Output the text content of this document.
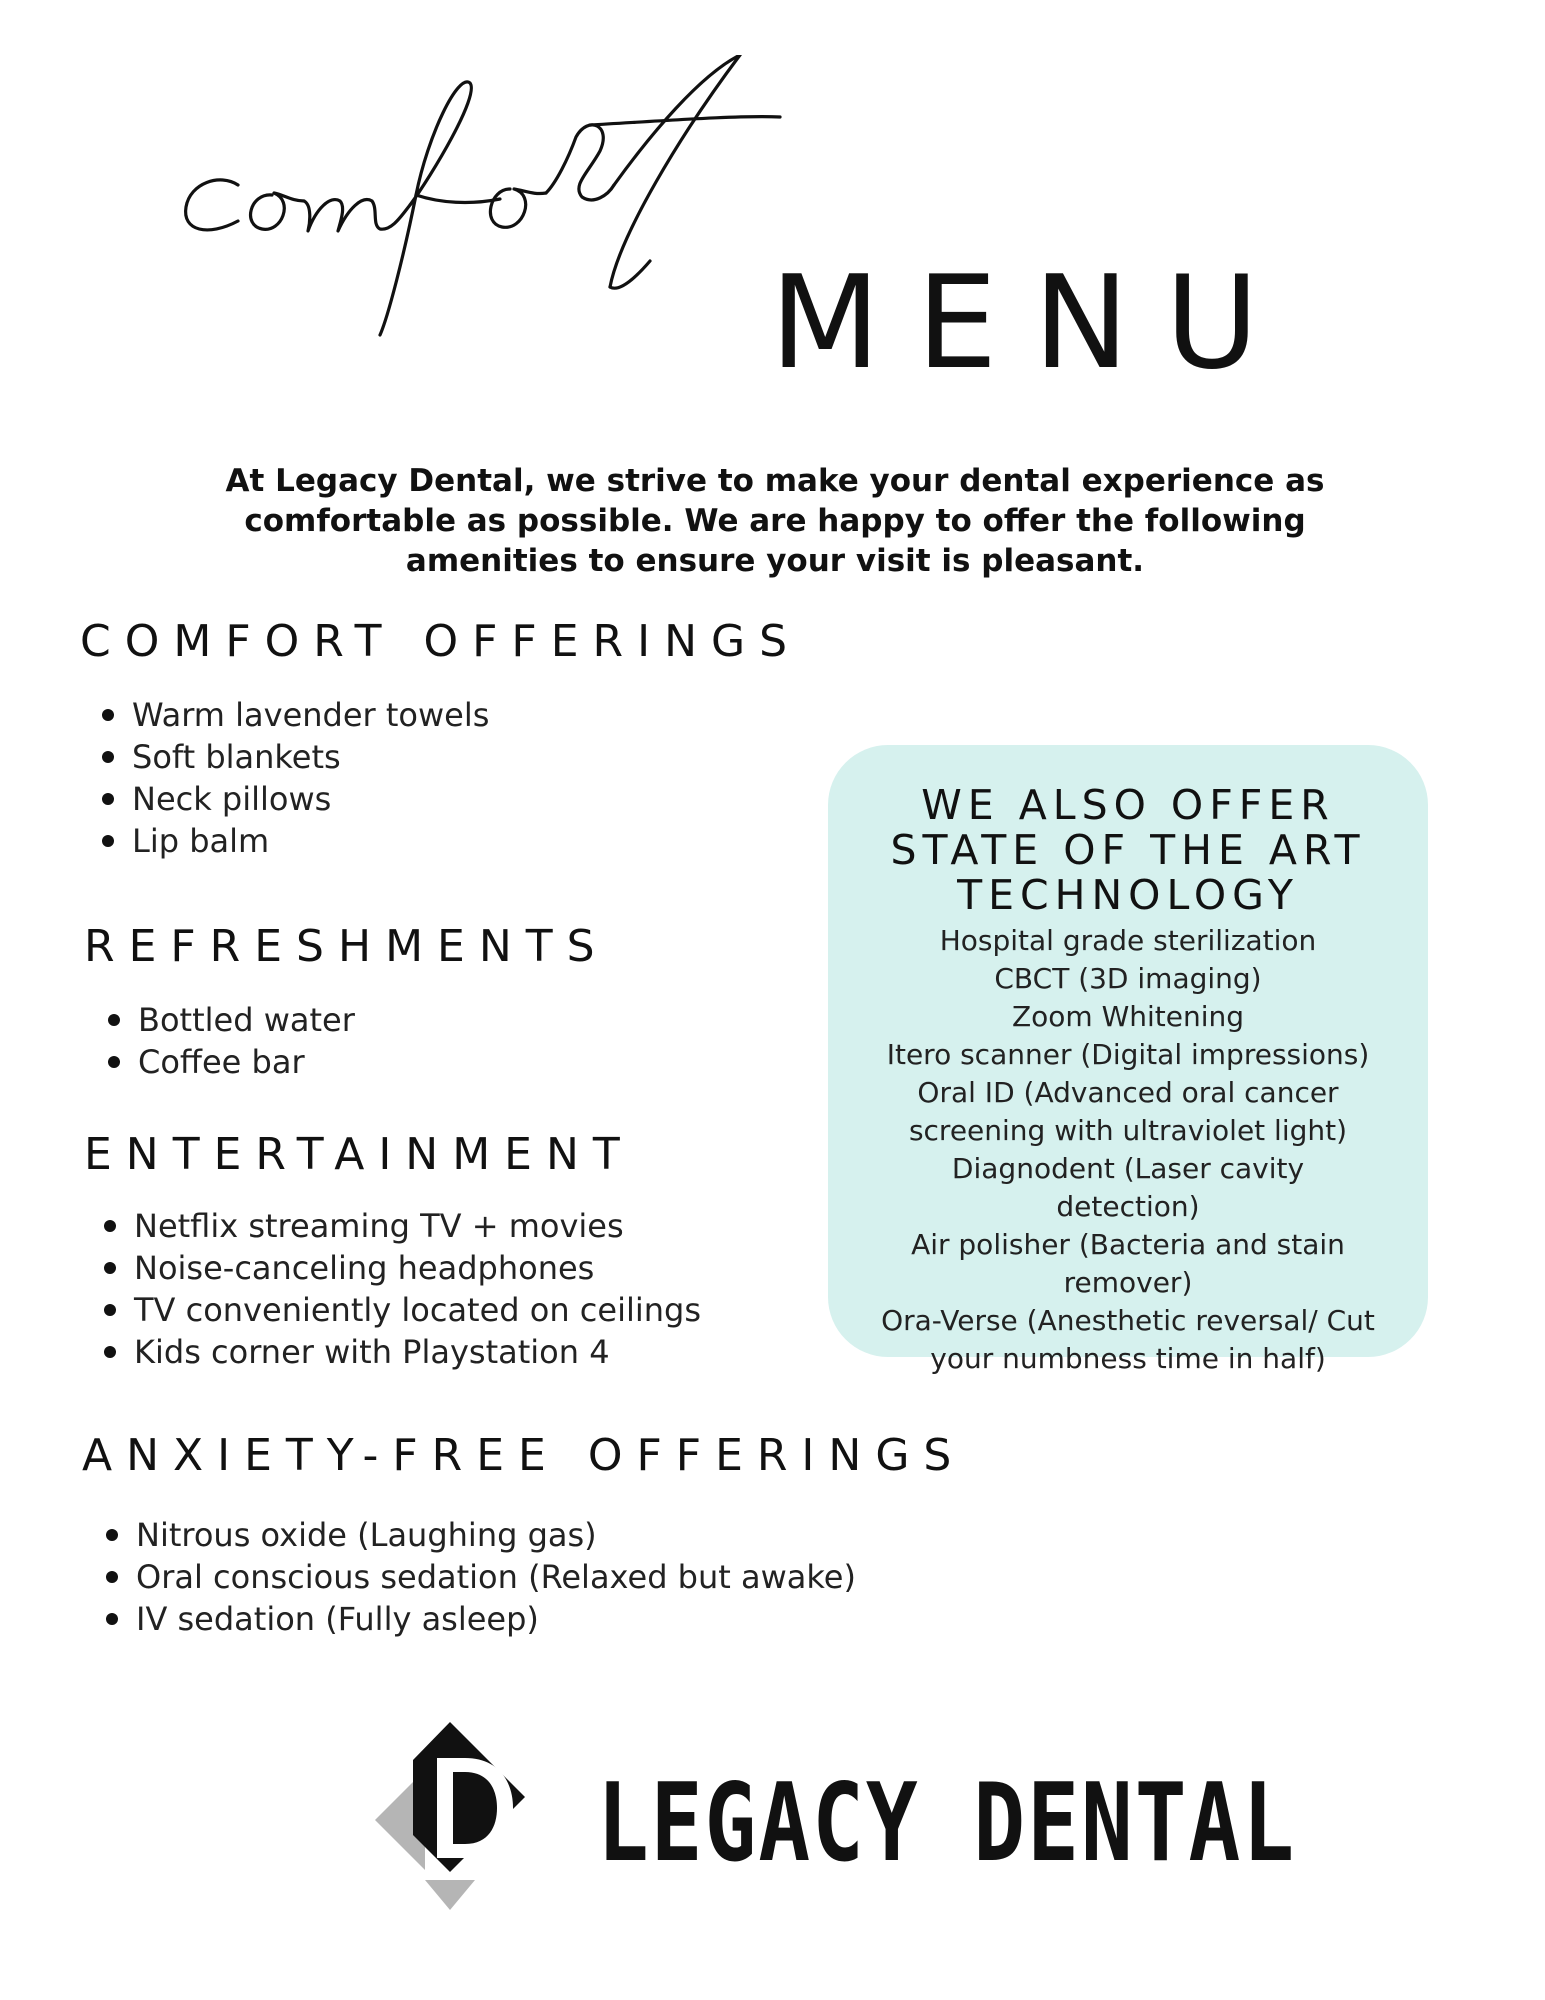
MENU

At Legacy Dental, we strive to make your dental experience as comfortable as possible. We are happy to offer the following amenities to ensure your visit is pleasant.

COMFORT OFFERINGS
Warm lavender towels
Soft blankets
Neck pillows
Lip balm
REFRESHMENTS
Bottled water
Coffee bar
ENTERTAINMENT
Netflix streaming TV + movies
Noise-canceling headphones
TV conveniently located on ceilings
Kids corner with Playstation 4
ANXIETY-FREE OFFERINGS
Nitrous oxide (Laughing gas)
Oral conscious sedation (Relaxed but awake)
IV sedation (Fully asleep)
WE ALSO OFFER
STATE OF THE ART
TECHNOLOGY
Hospital grade sterilization
CBCT (3D imaging)
Zoom Whitening
Itero scanner (Digital impressions)
Oral ID (Advanced oral cancer screening with ultraviolet light)
Diagnodent (Laser cavity detection)
Air polisher (Bacteria and stain remover)
Ora-Verse (Anesthetic reversal/ Cut your numbness time in half)
LEGACY DENTAL
